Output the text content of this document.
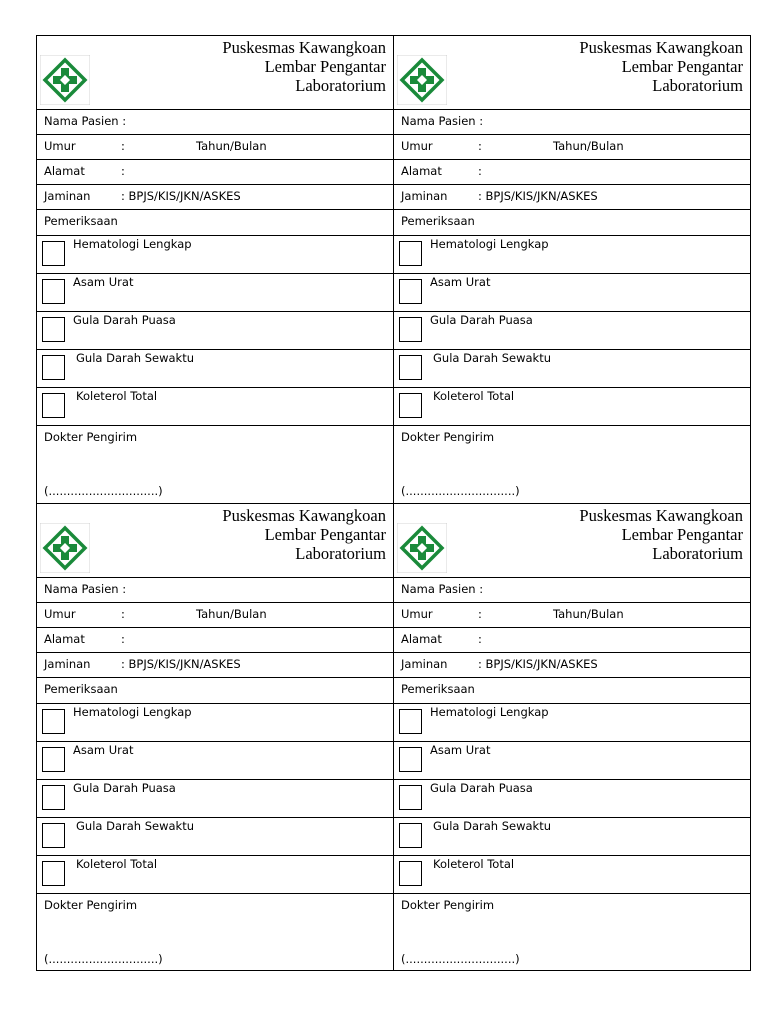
Puskesmas Kawangkoan
Lembar Pengantar
Laboratorium
Nama Pasien :
Umur	:	Tahun/Bulan
Alamat	:
Jaminan	: BPJS/KIS/JKN/ASKES
Pemeriksaan
Hematologi Lengkap
Asam Urat
Gula Darah Puasa
Gula Darah Sewaktu
Koleterol Total
Dokter Pengirim
(..............................)
Puskesmas Kawangkoan
Lembar Pengantar
Laboratorium
Nama Pasien :
Umur	:	Tahun/Bulan
Alamat	:
Jaminan	: BPJS/KIS/JKN/ASKES
Pemeriksaan
Hematologi Lengkap
Asam Urat
Gula Darah Puasa
Gula Darah Sewaktu
Koleterol Total
Dokter Pengirim
(..............................)
Puskesmas Kawangkoan
Lembar Pengantar
Laboratorium
Nama Pasien :
Umur	:	Tahun/Bulan
Alamat	:
Jaminan	: BPJS/KIS/JKN/ASKES
Pemeriksaan
Hematologi Lengkap
Asam Urat
Gula Darah Puasa
Gula Darah Sewaktu
Koleterol Total
Dokter Pengirim
(..............................)
Puskesmas Kawangkoan
Lembar Pengantar
Laboratorium
Nama Pasien :
Umur	:	Tahun/Bulan
Alamat	:
Jaminan	: BPJS/KIS/JKN/ASKES
Pemeriksaan
Hematologi Lengkap
Asam Urat
Gula Darah Puasa
Gula Darah Sewaktu
Koleterol Total
Dokter Pengirim
(..............................)
